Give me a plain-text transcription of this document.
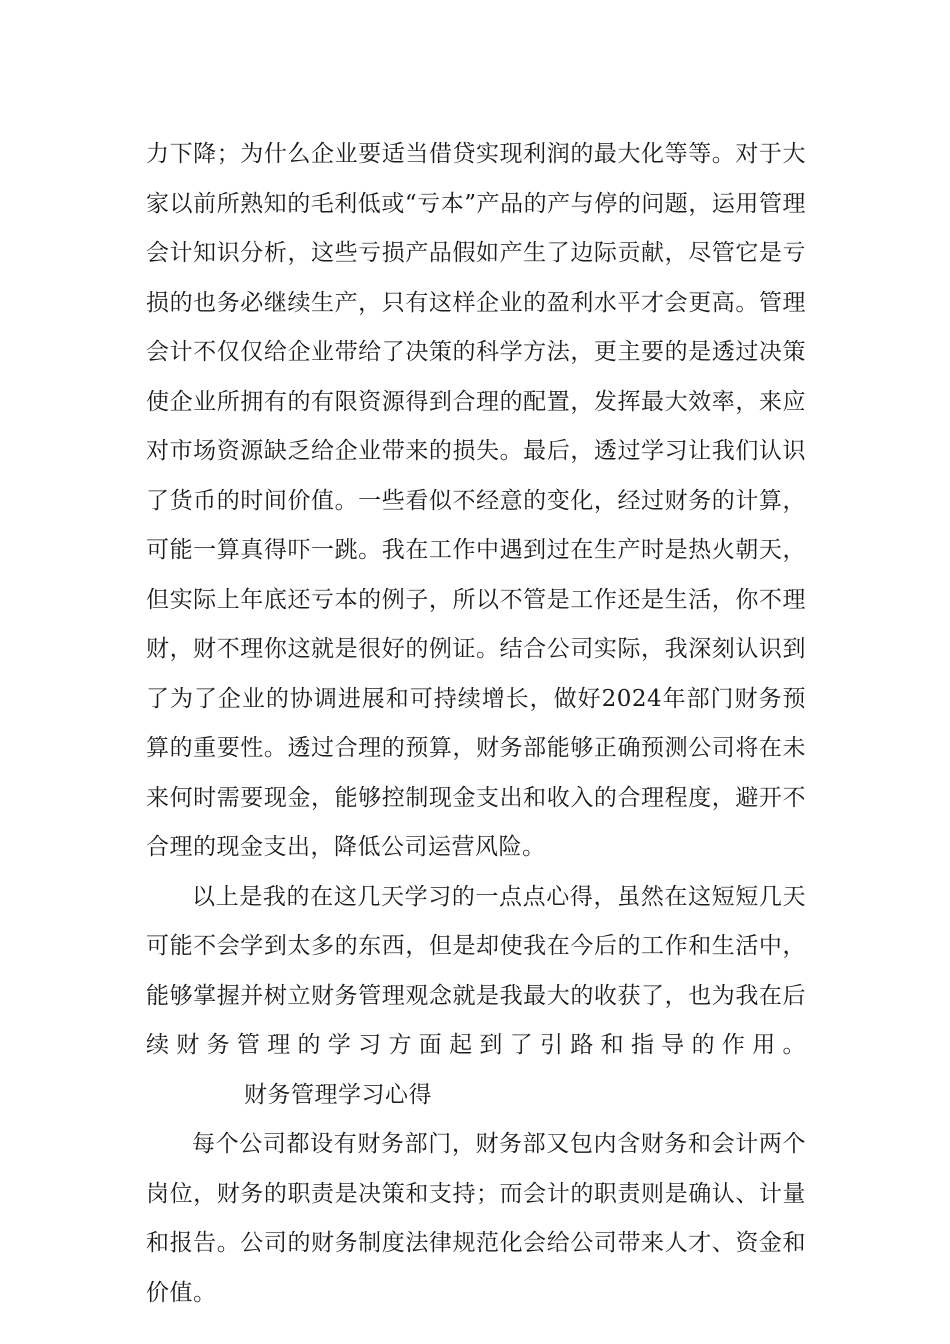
力下降；为什么企业要适当借贷实现利润的最大化等等。对于大家以前所熟知的毛利低或“亏本”产品的产与停的问题，运用管理会计知识分析，这些亏损产品假如产生了边际贡献，尽管它是亏损的也务必继续生产，只有这样企业的盈利水平才会更高。管理会计不仅仅给企业带给了决策的科学方法，更主要的是透过决策使企业所拥有的有限资源得到合理的配置，发挥最大效率，来应对市场资源缺乏给企业带来的损失。最后，透过学习让我们认识了货币的时间价值。一些看似不经意的变化，经过财务的计算，可能一算真得吓一跳。我在工作中遇到过在生产时是热火朝天，但实际上年底还亏本的例子，所以不管是工作还是生活，你不理财，财不理你这就是很好的例证。结合公司实际，我深刻认识到了为了企业的协调进展和可持续增长，做好2024年部门财务预算的重要性。透过合理的预算，财务部能够正确预测公司将在未来何时需要现金，能够控制现金支出和收入的合理程度，避开不合理的现金支出，降低公司运营风险。

以上是我的在这几天学习的一点点心得，虽然在这短短几天可能不会学到太多的东西，但是却使我在今后的工作和生活中，能够掌握并树立财务管理观念就是我最大的收获了，也为我在后续财务管理的学习方面起到了引路和指导的作用。财务管理学习心得

每个公司都设有财务部门，财务部又包内含财务和会计两个岗位，财务的职责是决策和支持；而会计的职责则是确认、计量和报告。公司的财务制度法律规范化会给公司带来人才、资金和价值。
